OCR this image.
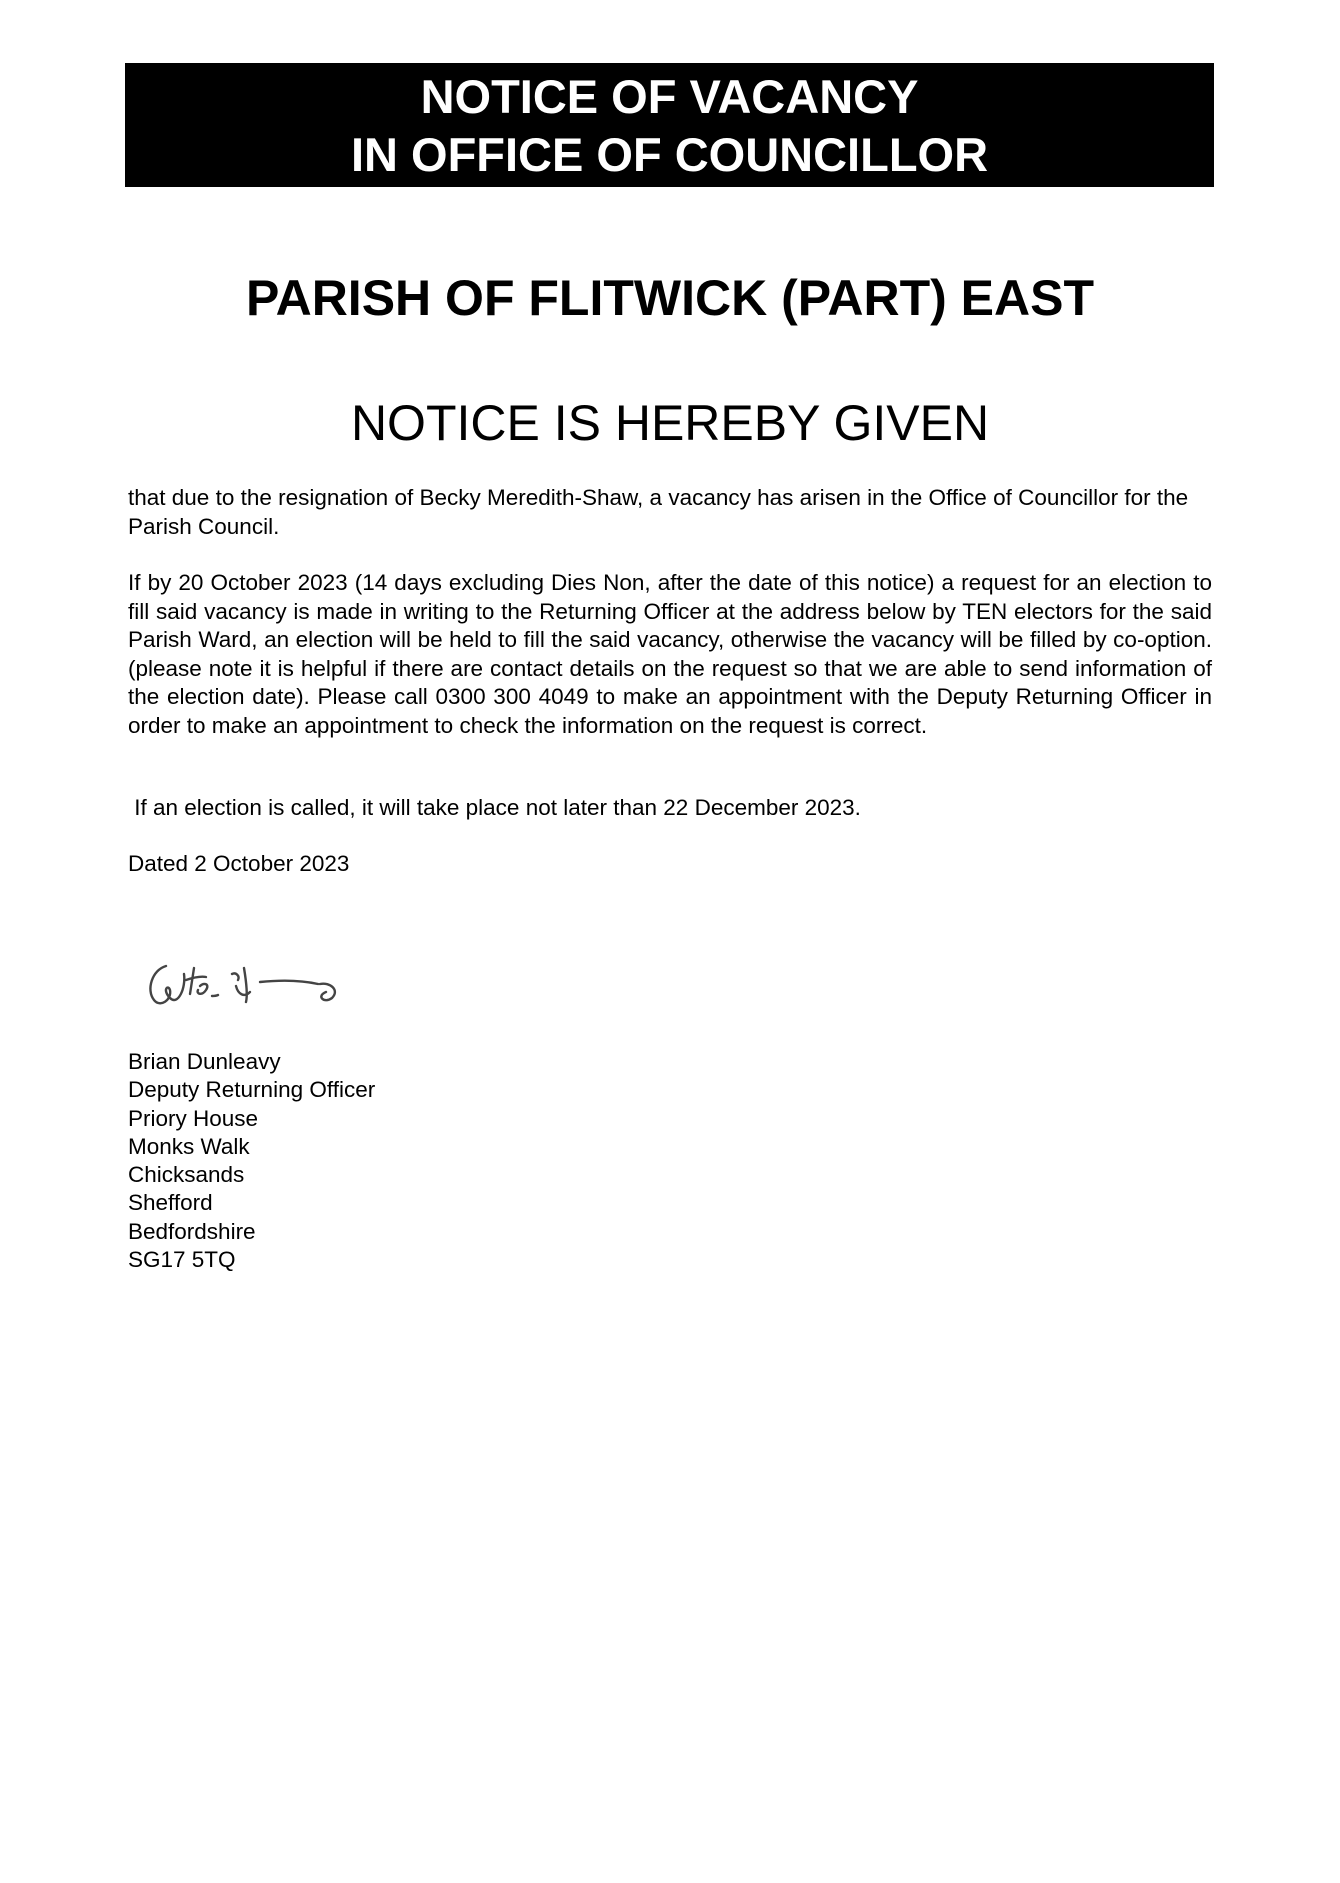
NOTICE OF VACANCY
IN OFFICE OF COUNCILLOR
PARISH OF FLITWICK (PART) EAST
NOTICE IS HEREBY GIVEN
that due to the resignation of Becky Meredith-Shaw, a vacancy has arisen in the Office of Councillor for the Parish Council.
If by 20 October 2023 (14 days excluding Dies Non, after the date of this notice) a request for an election to fill said vacancy is made in writing to the Returning Officer at the address below by TEN electors for the said Parish Ward, an election will be held to fill the said vacancy, otherwise the vacancy will be filled by co-option.(please note it is helpful if there are contact details on the request so that we are able to send information of the election date). Please call 0300 300 4049 to make an appointment with the Deputy Returning Officer in order to make an appointment to check the information on the request is correct.
If an election is called, it will take place not later than 22 December 2023.
Dated 2 October 2023
Brian Dunleavy
Deputy Returning Officer
Priory House
Monks Walk
Chicksands
Shefford
Bedfordshire
SG17 5TQ
